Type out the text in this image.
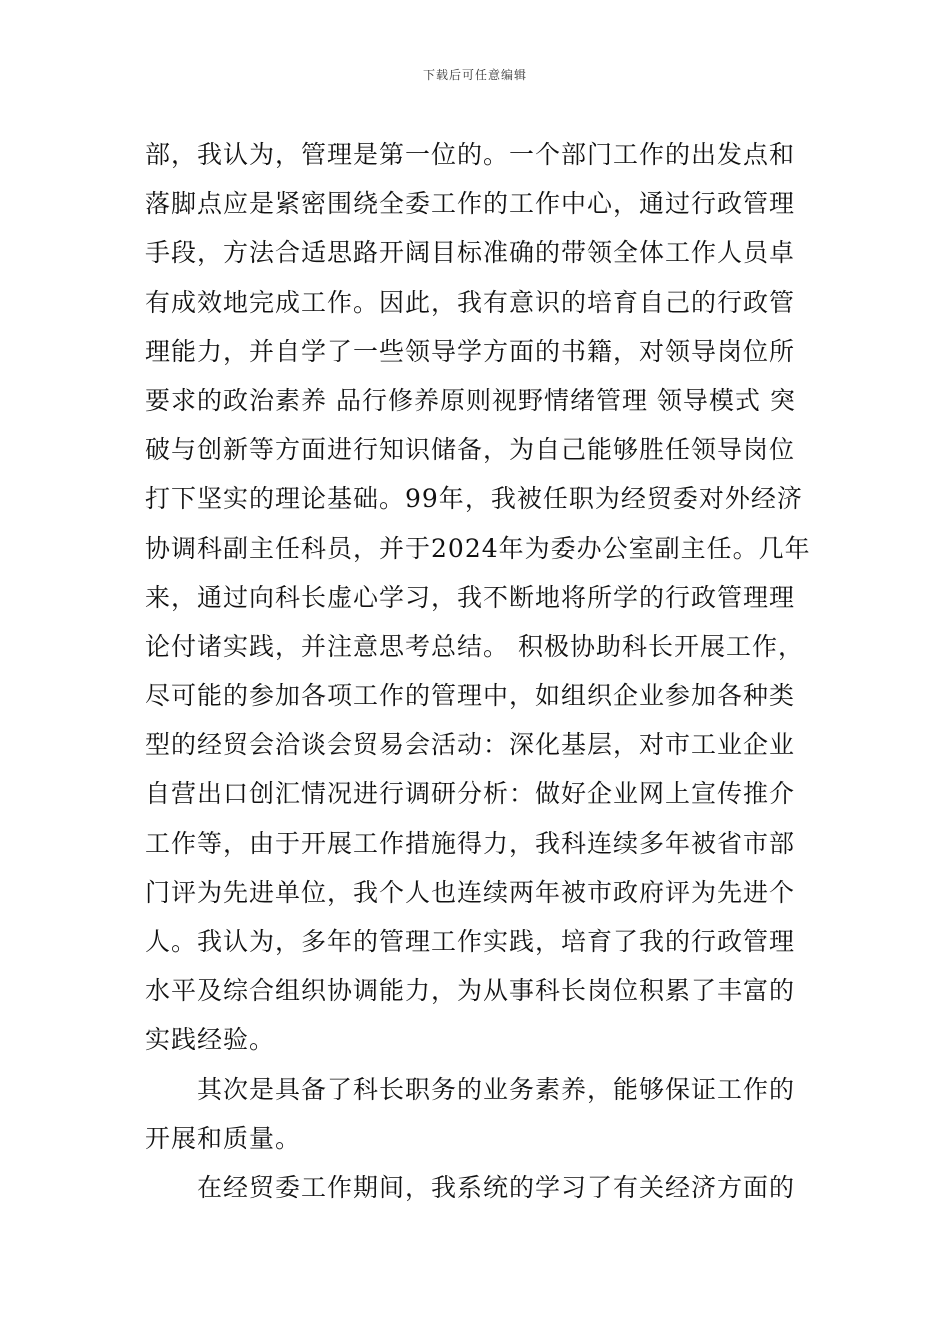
下载后可任意编辑
部，我认为，管理是第一位的。一个部门工作的出发点和
落脚点应是紧密围绕全委工作的工作中心，通过行政管理
手段，方法合适思路开阔目标准确的带领全体工作人员卓
有成效地完成工作。因此，我有意识的培育自己的行政管
理能力，并自学了一些领导学方面的书籍，对领导岗位所
要求的政治素养 品行修养原则视野情绪管理 领导模式 突
破与创新等方面进行知识储备，为自己能够胜任领导岗位
打下坚实的理论基础。99年，我被任职为经贸委对外经济
协调科副主任科员，并于2024年为委办公室副主任。几年
来，通过向科长虚心学习，我不断地将所学的行政管理理
论付诸实践，并注意思考总结。 积极协助科长开展工作，
尽可能的参加各项工作的管理中，如组织企业参加各种类
型的经贸会洽谈会贸易会活动：深化基层，对市工业企业
自营出口创汇情况进行调研分析：做好企业网上宣传推介
工作等，由于开展工作措施得力，我科连续多年被省市部
门评为先进单位，我个人也连续两年被市政府评为先进个
人。我认为，多年的管理工作实践，培育了我的行政管理
水平及综合组织协调能力，为从事科长岗位积累了丰富的
实践经验。
其次是具备了科长职务的业务素养，能够保证工作的
开展和质量。
在经贸委工作期间，我系统的学习了有关经济方面的
